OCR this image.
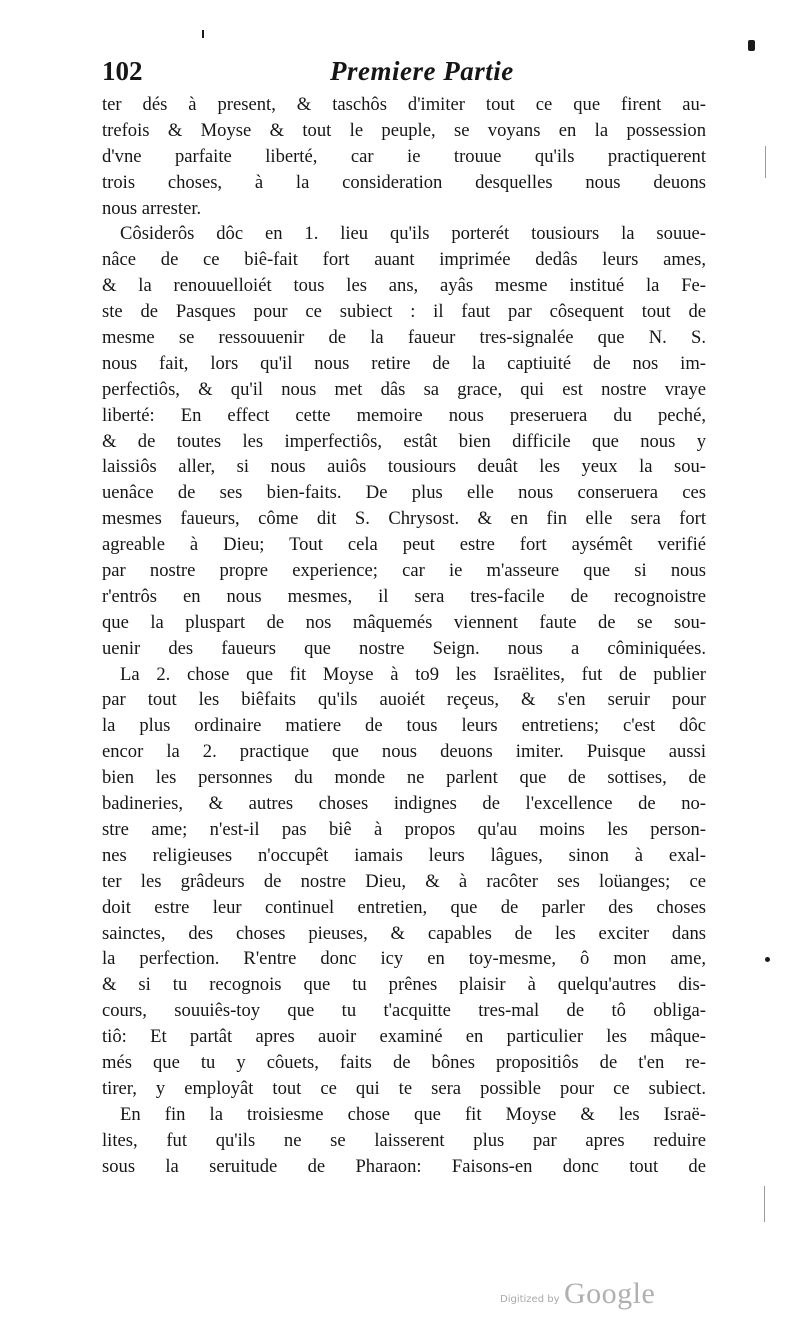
102	Premiere Partie
ter dés à present, & taschôs d'imiter tout ce que firent au-
trefois & Moyse & tout le peuple, se voyans en la possession
d'vne parfaite liberté, car ie trouue qu'ils practiquerent
trois choses, à la consideration desquelles nous deuons
nous arrester.
Côsiderôs dôc en 1. lieu qu'ils porterét tousiours la souue-
nâce de ce biê-fait fort auant imprimée dedâs leurs ames,
& la renouuelloiét tous les ans, ayâs mesme institué la Fe-
ste de Pasques pour ce subiect : il faut par côsequent tout de
mesme se ressouuenir de la faueur tres-signalée que N. S.
nous fait, lors qu'il nous retire de la captiuité de nos im-
perfectiôs, & qu'il nous met dâs sa grace, qui est nostre vraye
liberté: En effect cette memoire nous preseruera du peché,
& de toutes les imperfectiôs, estât bien difficile que nous y
laissiôs aller, si nous auiôs tousiours deuât les yeux la sou-
uenâce de ses bien-faits. De plus elle nous conseruera ces
mesmes faueurs, côme dit S. Chrysost. & en fin elle sera fort
agreable à Dieu; Tout cela peut estre fort aysémêt verifié
par nostre propre experience; car ie m'asseure que si nous
r'entrôs en nous mesmes, il sera tres-facile de recognoistre
que la pluspart de nos mâquemés viennent faute de se sou-
uenir des faueurs que nostre Seign. nous a côminiquées.
La 2. chose que fit Moyse à to9 les Israëlites, fut de publier
par tout les biêfaits qu'ils auoiét reçeus, & s'en seruir pour
la plus ordinaire matiere de tous leurs entretiens; c'est dôc
encor la 2. practique que nous deuons imiter. Puisque aussi
bien les personnes du monde ne parlent que de sottises, de
badineries, & autres choses indignes de l'excellence de no-
stre ame; n'est-il pas biê à propos qu'au moins les person-
nes religieuses n'occupêt iamais leurs lâgues, sinon à exal-
ter les grâdeurs de nostre Dieu, & à racôter ses loüanges; ce
doit estre leur continuel entretien, que de parler des choses
sainctes, des choses pieuses, & capables de les exciter dans
la perfection. R'entre donc icy en toy-mesme, ô mon ame,
& si tu recognois que tu prênes plaisir à quelqu'autres dis-
cours, souuiês-toy que tu t'acquitte tres-mal de tô obliga-
tiô: Et partât apres auoir examiné en particulier les mâque-
més que tu y côuets, faits de bônes propositiôs de t'en re-
tirer, y employât tout ce qui te sera possible pour ce subiect.
En fin la troisiesme chose que fit Moyse & les Israë-
lites, fut qu'ils ne se laisserent plus par apres reduire
sous la seruitude de Pharaon: Faisons-en donc tout de
Digitized by Google
